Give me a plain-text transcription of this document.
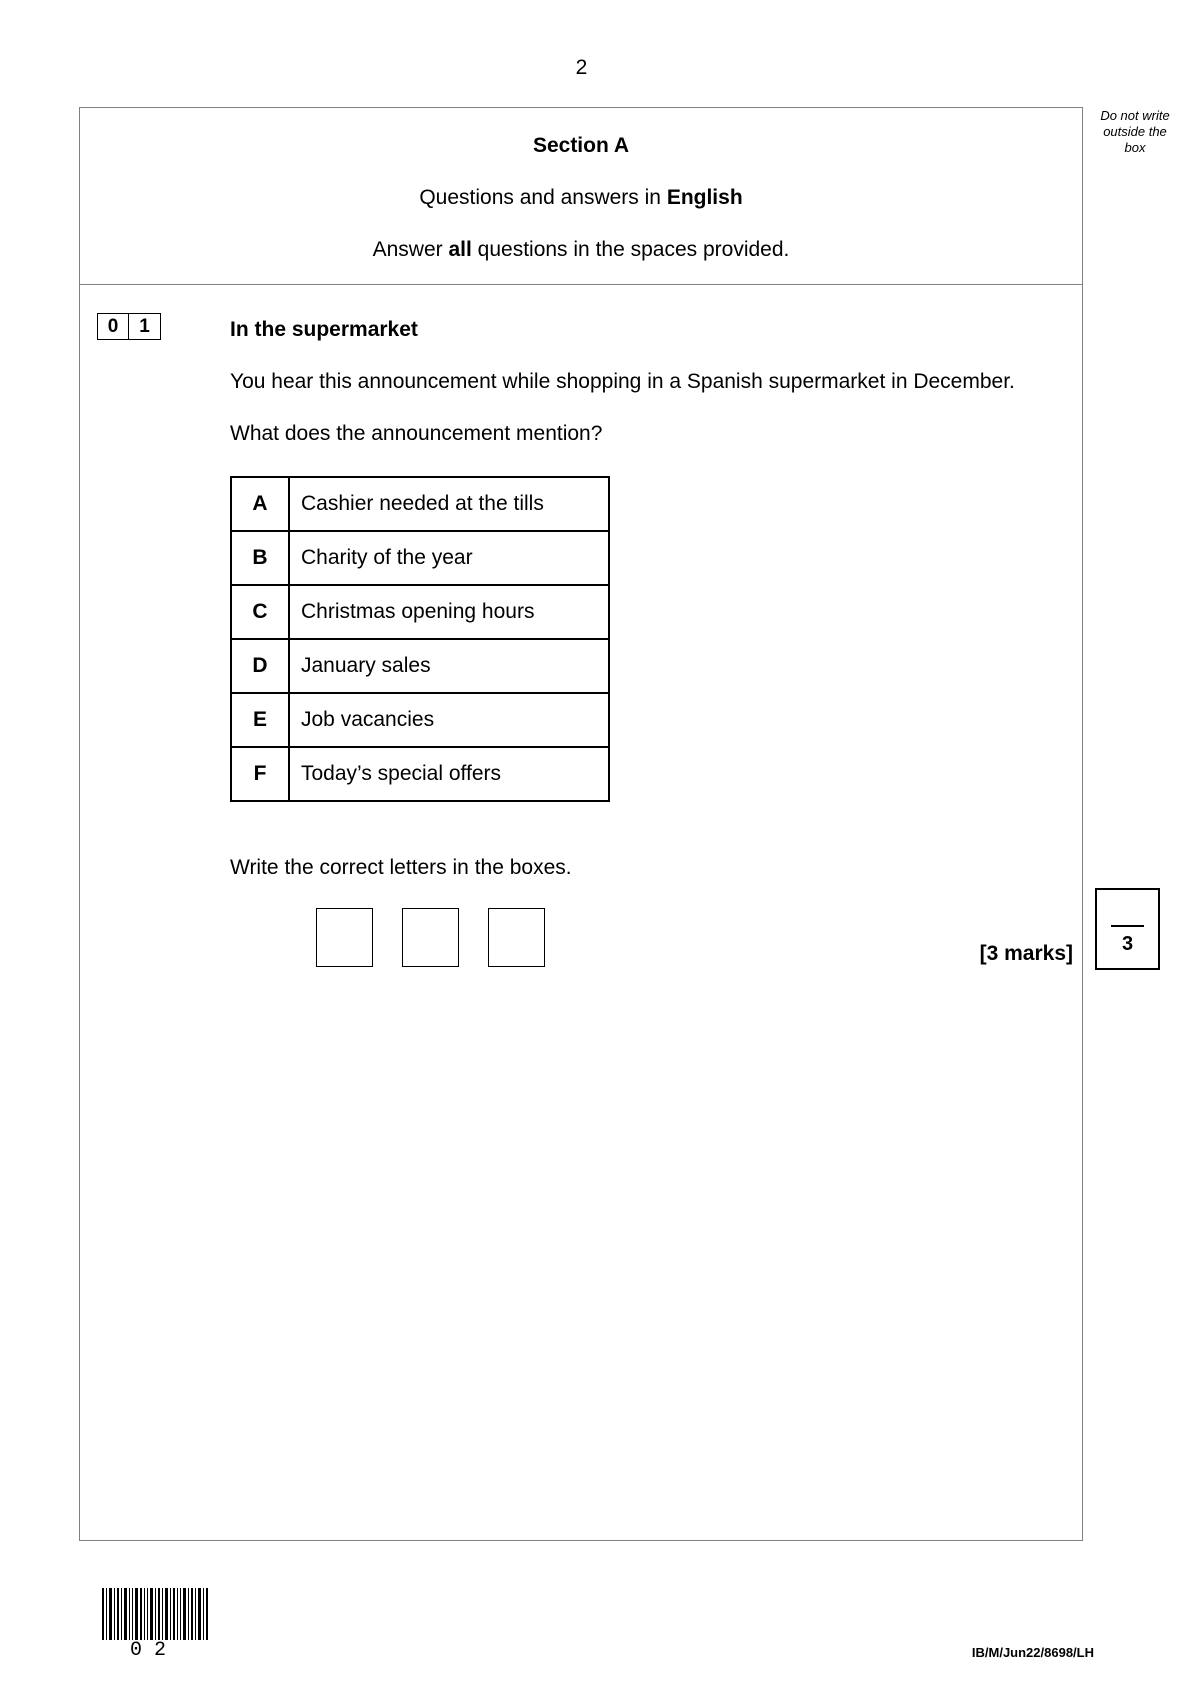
2
Do not write
outside the
box
Section A
Questions and answers in English
Answer all questions in the spaces provided.
0	1	In the supermarket
You hear this announcement while shopping in a Spanish supermarket in December.
What does the announcement mention?
A	Cashier needed at the tills
B	Charity of the year
C	Christmas opening hours
D	January sales
E	Job vacancies
F	Today’s special offers
Write the correct letters in the boxes.
[3 marks]	3
02	IB/M/Jun22/8698/LH
